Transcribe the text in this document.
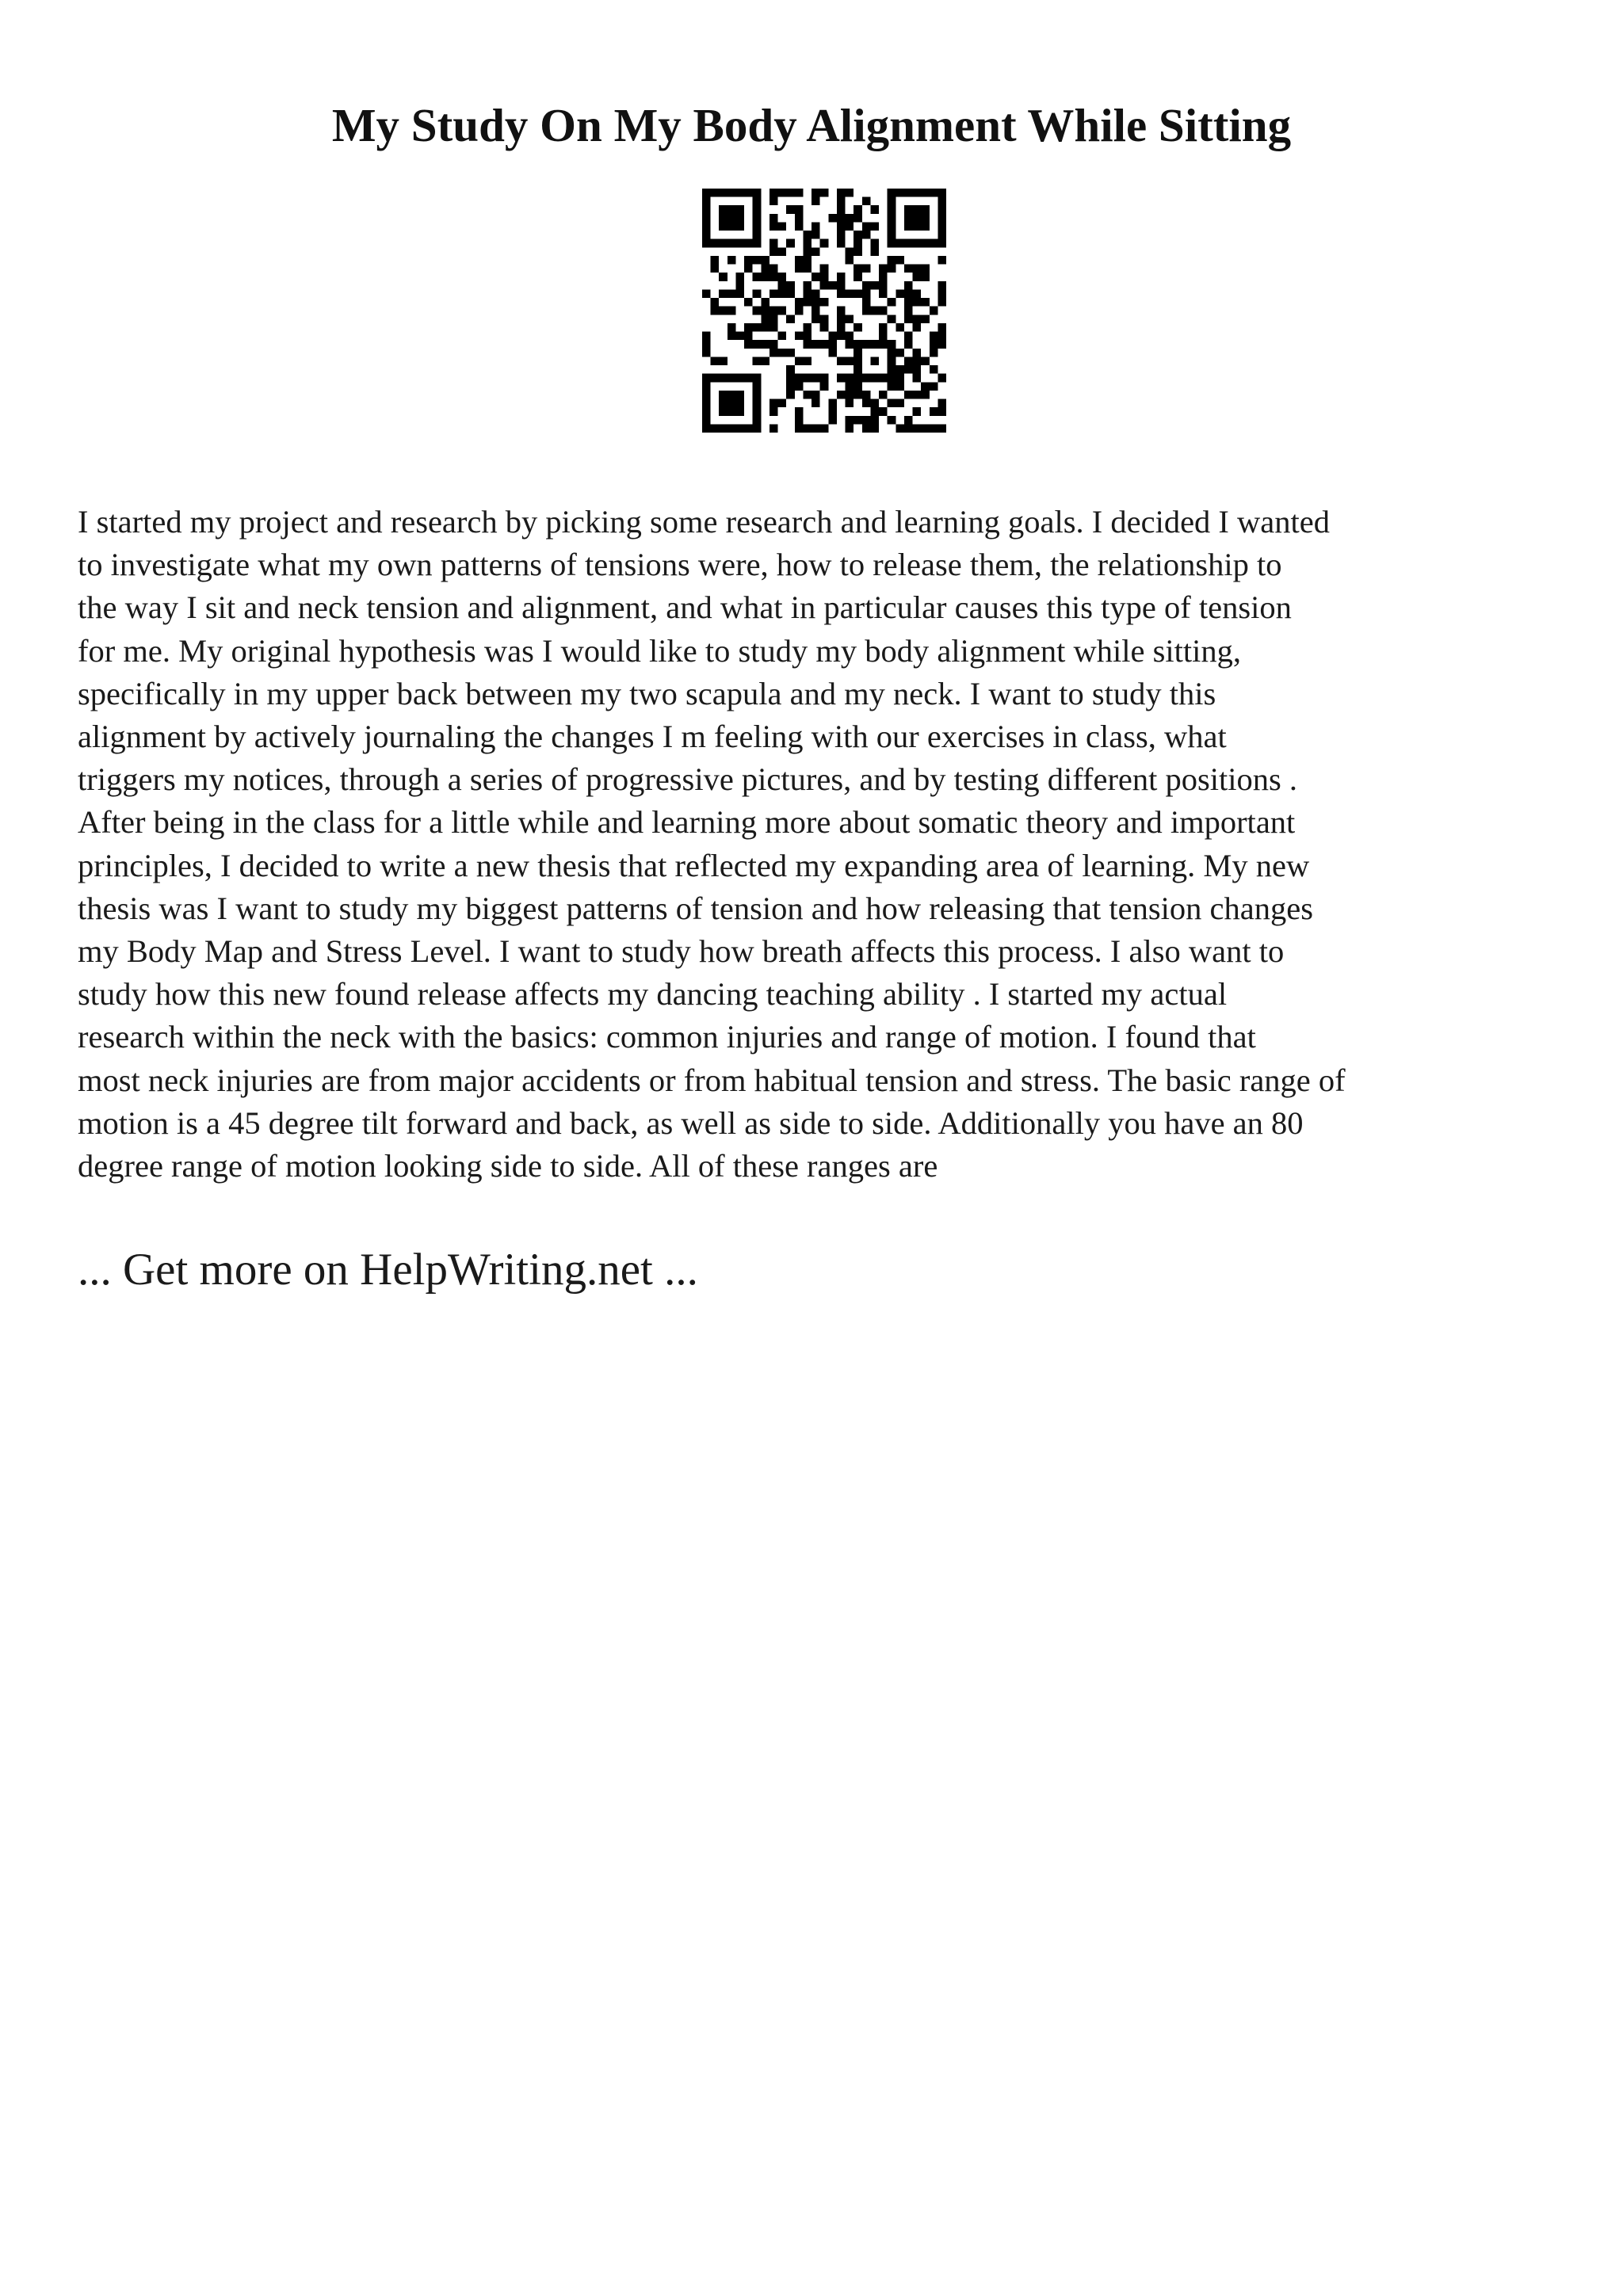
My Study On My Body Alignment While Sitting
I started my project and research by picking some research and learning goals. I decided I wanted
to investigate what my own patterns of tensions were, how to release them, the relationship to
the way I sit and neck tension and alignment, and what in particular causes this type of tension
for me. My original hypothesis was I would like to study my body alignment while sitting,
specifically in my upper back between my two scapula and my neck. I want to study this
alignment by actively journaling the changes I m feeling with our exercises in class, what
triggers my notices, through a series of progressive pictures, and by testing different positions .
After being in the class for a little while and learning more about somatic theory and important
principles, I decided to write a new thesis that reflected my expanding area of learning. My new
thesis was I want to study my biggest patterns of tension and how releasing that tension changes
my Body Map and Stress Level. I want to study how breath affects this process. I also want to
study how this new found release affects my dancing teaching ability . I started my actual
research within the neck with the basics: common injuries and range of motion. I found that
most neck injuries are from major accidents or from habitual tension and stress. The basic range of
motion is a 45 degree tilt forward and back, as well as side to side. Additionally you have an 80
degree range of motion looking side to side. All of these ranges are
... Get more on HelpWriting.net ...
